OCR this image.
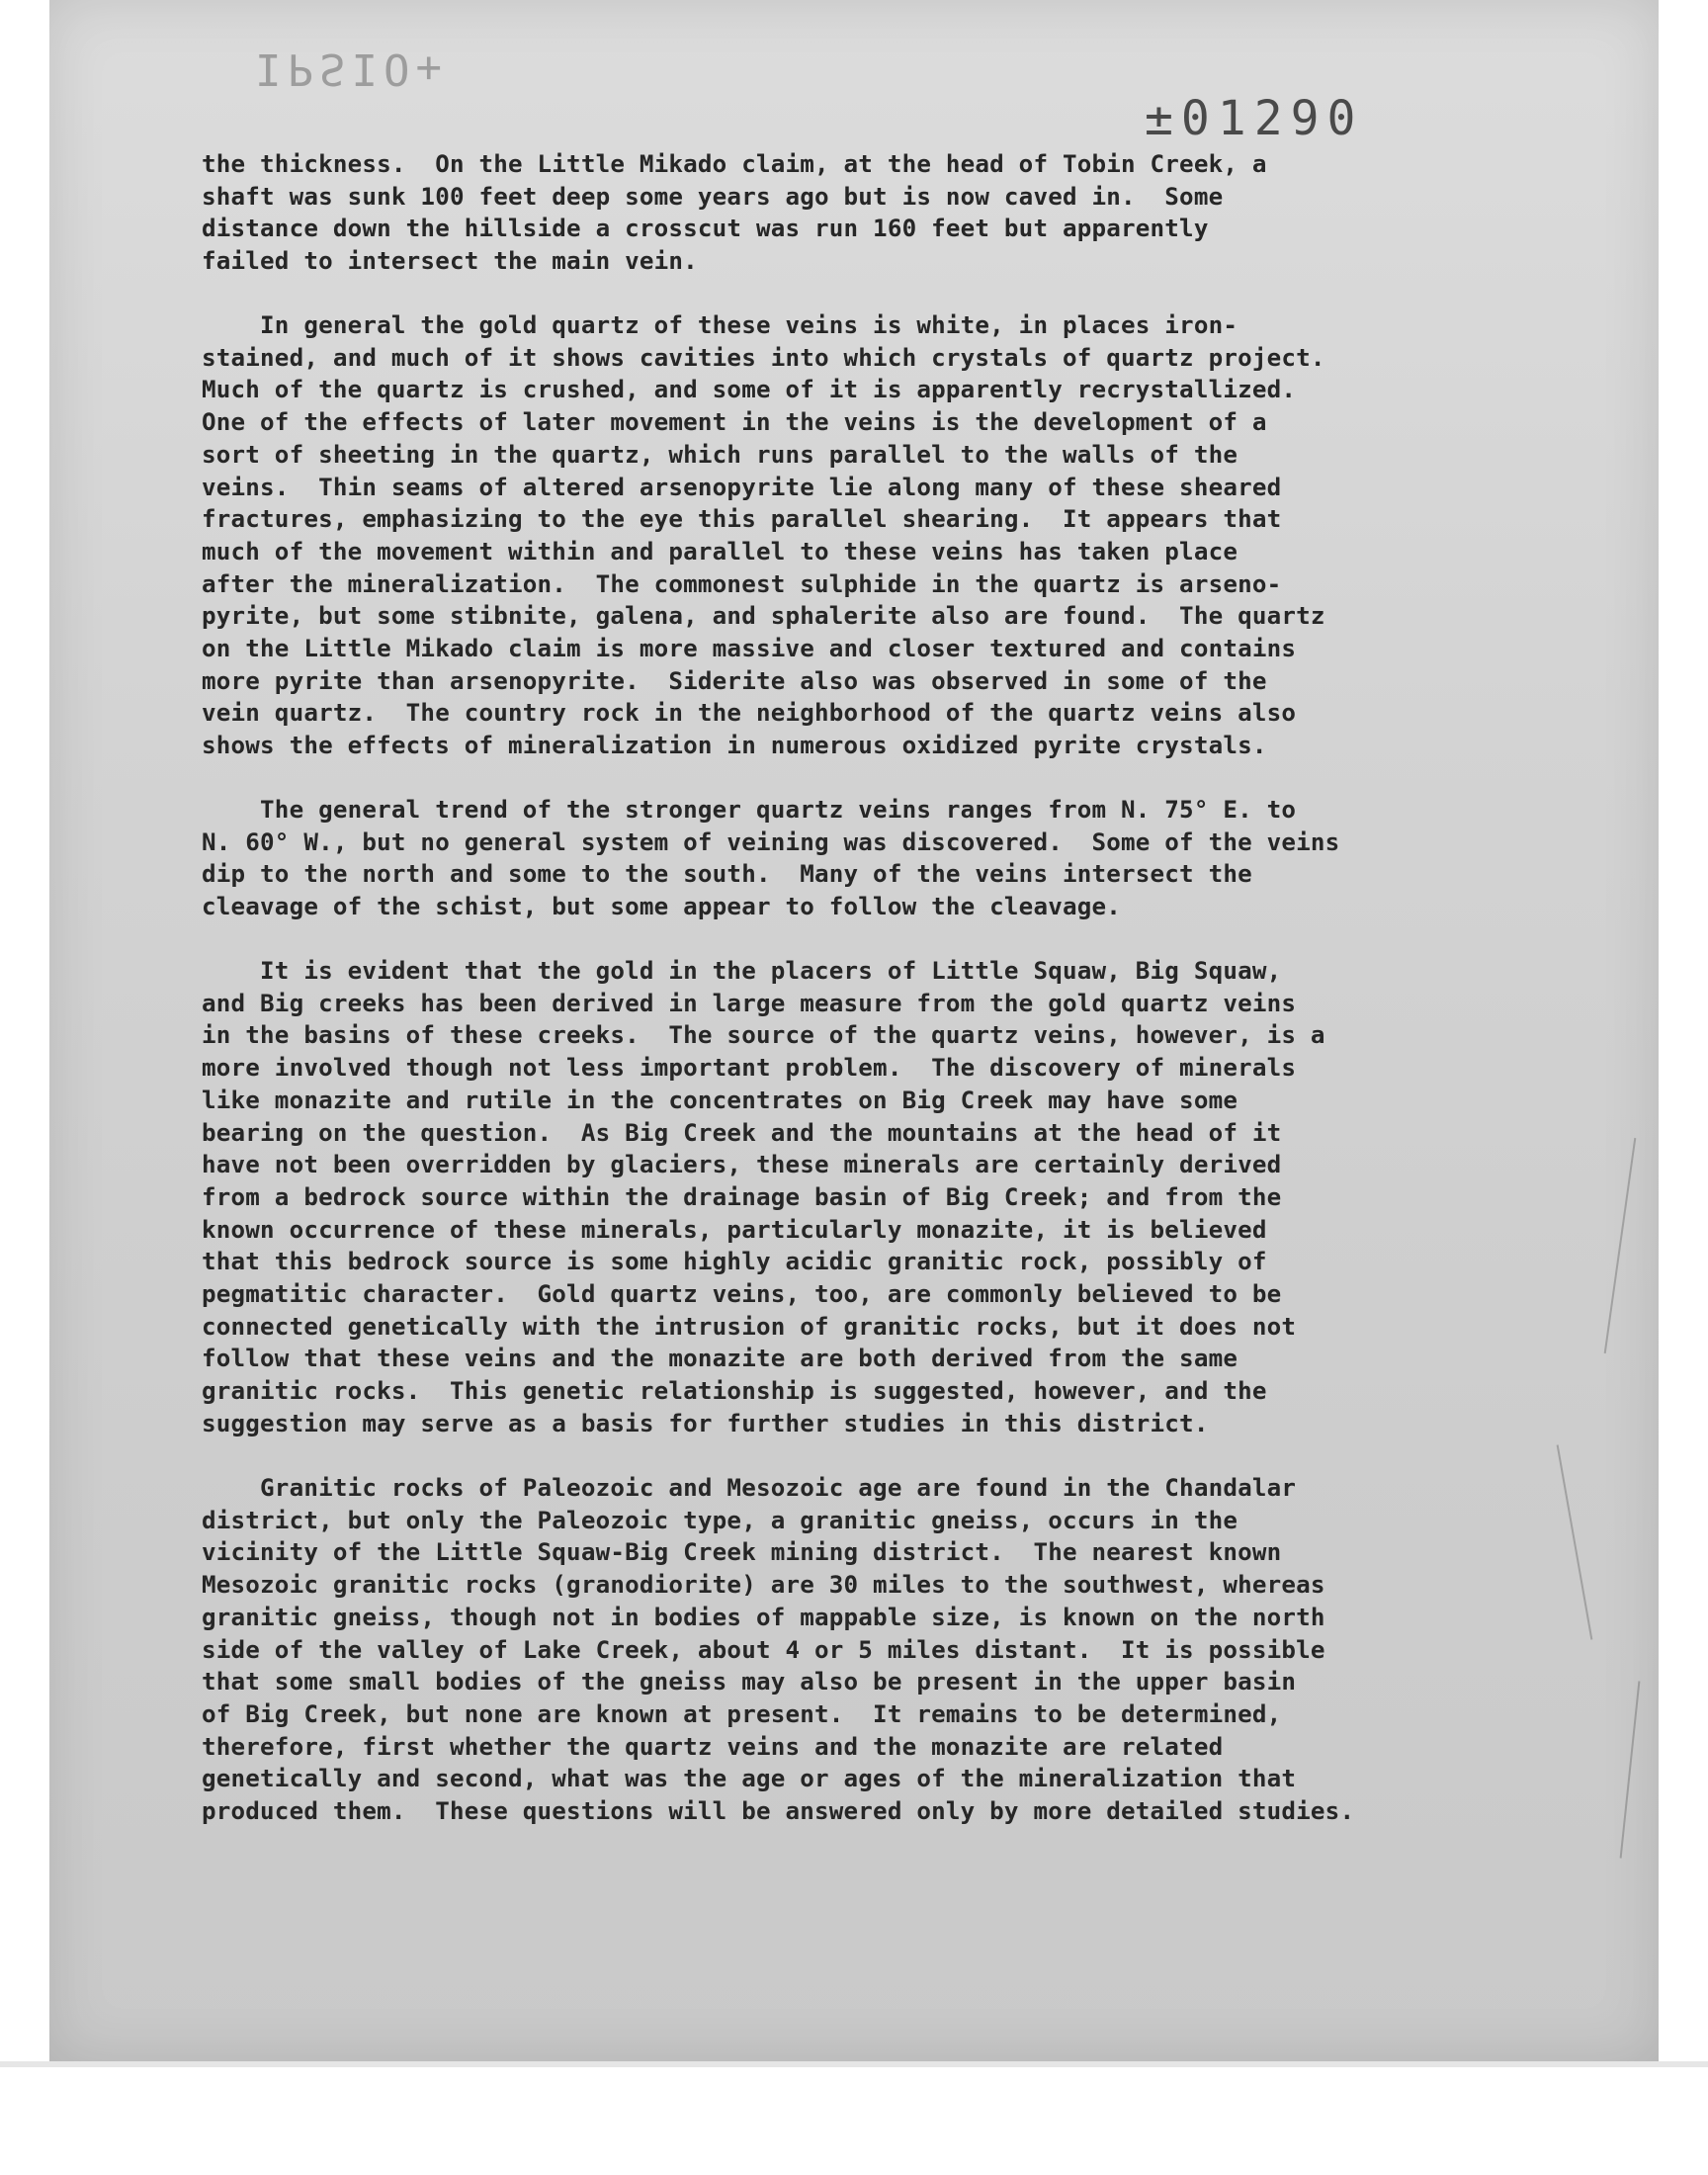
IPSIO+
±01290
the thickness.  On the Little Mikado claim, at the head of Tobin Creek, a
shaft was sunk 100 feet deep some years ago but is now caved in.  Some
distance down the hillside a crosscut was run 160 feet but apparently
failed to intersect the main vein.
In general the gold quartz of these veins is white, in places iron-
stained, and much of it shows cavities into which crystals of quartz project.
Much of the quartz is crushed, and some of it is apparently recrystallized.
One of the effects of later movement in the veins is the development of a
sort of sheeting in the quartz, which runs parallel to the walls of the
veins.  Thin seams of altered arsenopyrite lie along many of these sheared
fractures, emphasizing to the eye this parallel shearing.  It appears that
much of the movement within and parallel to these veins has taken place
after the mineralization.  The commonest sulphide in the quartz is arseno-
pyrite, but some stibnite, galena, and sphalerite also are found.  The quartz
on the Little Mikado claim is more massive and closer textured and contains
more pyrite than arsenopyrite.  Siderite also was observed in some of the
vein quartz.  The country rock in the neighborhood of the quartz veins also
shows the effects of mineralization in numerous oxidized pyrite crystals.
The general trend of the stronger quartz veins ranges from N. 75° E. to
N. 60° W., but no general system of veining was discovered.  Some of the veins
dip to the north and some to the south.  Many of the veins intersect the
cleavage of the schist, but some appear to follow the cleavage.
It is evident that the gold in the placers of Little Squaw, Big Squaw,
and Big creeks has been derived in large measure from the gold quartz veins
in the basins of these creeks.  The source of the quartz veins, however, is a
more involved though not less important problem.  The discovery of minerals
like monazite and rutile in the concentrates on Big Creek may have some
bearing on the question.  As Big Creek and the mountains at the head of it
have not been overridden by glaciers, these minerals are certainly derived
from a bedrock source within the drainage basin of Big Creek; and from the
known occurrence of these minerals, particularly monazite, it is believed
that this bedrock source is some highly acidic granitic rock, possibly of
pegmatitic character.  Gold quartz veins, too, are commonly believed to be
connected genetically with the intrusion of granitic rocks, but it does not
follow that these veins and the monazite are both derived from the same
granitic rocks.  This genetic relationship is suggested, however, and the
suggestion may serve as a basis for further studies in this district.
Granitic rocks of Paleozoic and Mesozoic age are found in the Chandalar
district, but only the Paleozoic type, a granitic gneiss, occurs in the
vicinity of the Little Squaw-Big Creek mining district.  The nearest known
Mesozoic granitic rocks (granodiorite) are 30 miles to the southwest, whereas
granitic gneiss, though not in bodies of mappable size, is known on the north
side of the valley of Lake Creek, about 4 or 5 miles distant.  It is possible
that some small bodies of the gneiss may also be present in the upper basin
of Big Creek, but none are known at present.  It remains to be determined,
therefore, first whether the quartz veins and the monazite are related
genetically and second, what was the age or ages of the mineralization that
produced them.  These questions will be answered only by more detailed studies.
